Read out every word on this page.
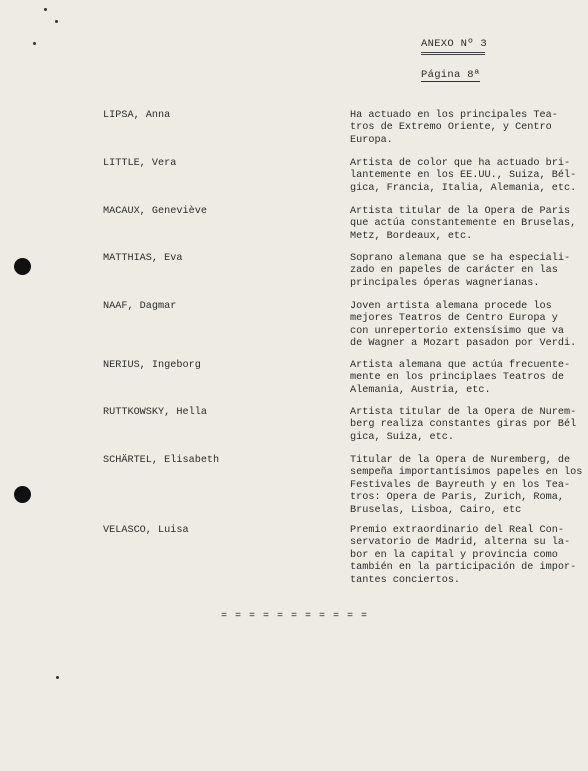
ANEXO Nº 3
Página 8ª
LIPSA, Anna	Ha actuado en los principales Tea-
tros de Extremo Oriente, y Centro
Europa.
LITTLE, Vera	Artista de color que ha actuado bri-
lantemente en los EE.UU., Suiza, Bél-
gica, Francia, Italia, Alemania, etc.
MACAUX, Geneviève	Artista titular de la Opera de Paris
que actúa constantemente en Bruselas,
Metz, Bordeaux, etc.
MATTHIAS, Eva	Soprano alemana que se ha especiali-
zado en papeles de carácter en las
principales óperas wagnerianas.
NAAF, Dagmar	Joven artista alemana procede los
mejores Teatros de Centro Europa y
con unrepertorio extensísimo que va
de Wagner a Mozart pasadon por Verdi.
NERIUS, Ingeborg	Artista alemana que actúa frecuente-
mente en los principlaes Teatros de
Alemania, Austria, etc.
RUTTKOWSKY, Hella	Artista titular de la Opera de Nurem-
berg realiza constantes giras por Bél
gica, Suiza, etc.
SCHÄRTEL, Elisabeth	Titular de la Opera de Nuremberg, de
sempeña importantísimos papeles en los
Festivales de Bayreuth y en los Tea-
tros: Opera de Paris, Zurich, Roma,
Bruselas, Lisboa, Cairo, etc
VELASCO, Luisa	Premio extraordinario del Real Con-
servatorio de Madrid, alterna su la-
bor en la capital y provincia como
también en la participación de impor-
tantes conciertos.
= = = = = = = = = = =
